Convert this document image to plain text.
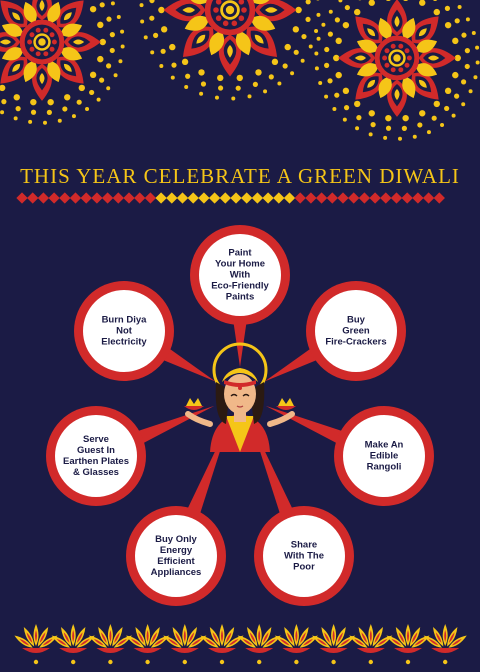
THIS YEAR CELEBRATE A GREEN DIWALI
Paint
Your Home
With
Eco-Friendly
Paints
Burn Diya
Not
Electricity
Buy
Green
Fire-Crackers
Serve
Guest In
Earthen Plates
& Glasses
Make An
Edible
Rangoli
Buy Only
Energy
Efficient
Appliances
Share
With The
Poor
